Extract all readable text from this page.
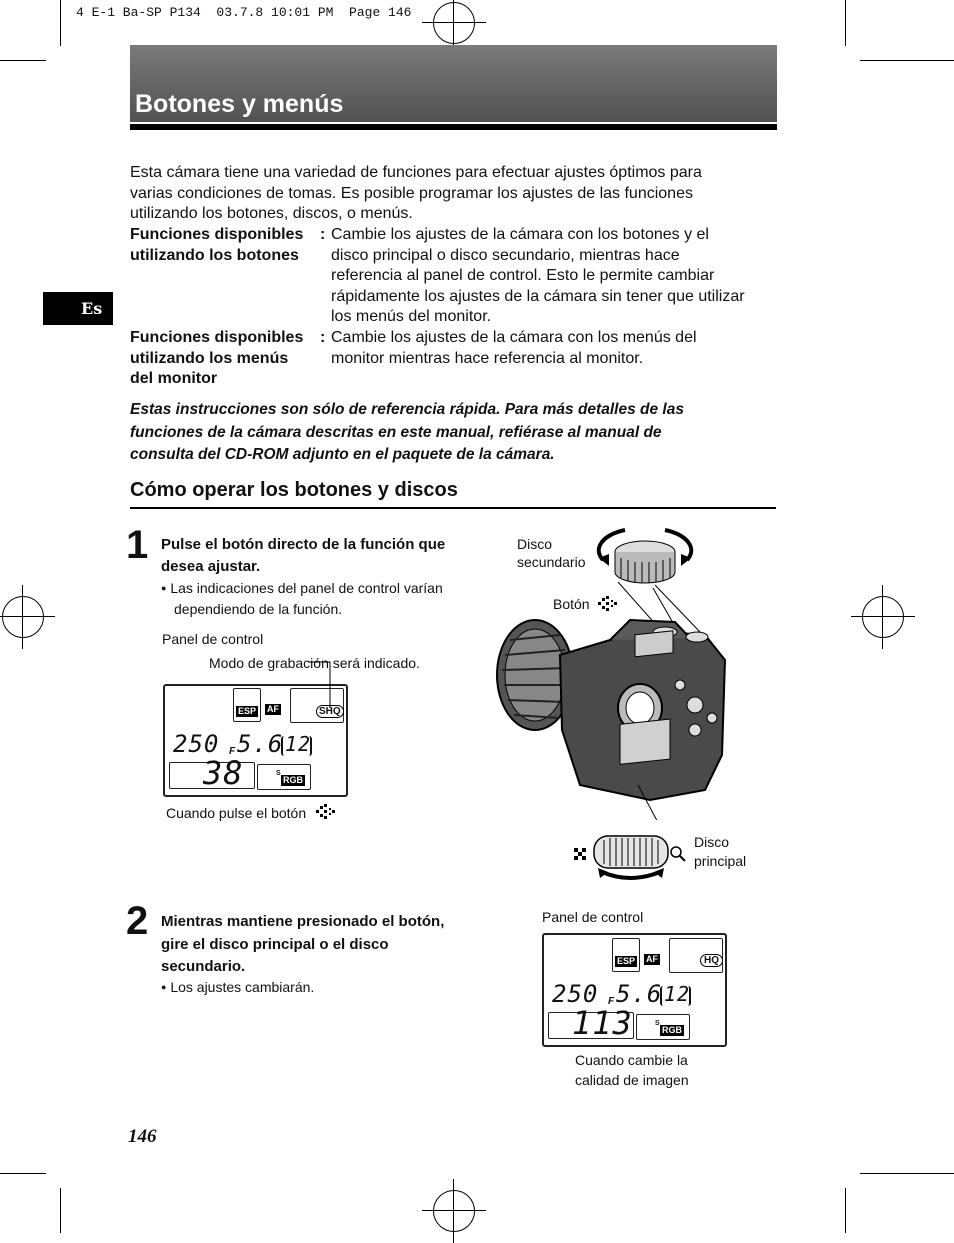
4 E-1 Ba-SP P134  03.7.8 10:01 PM  Page 146
Botones y menús
Es
Esta cámara tiene una variedad de funciones para efectuar ajustes óptimos para
varias condiciones de tomas. Es posible programar los ajustes de las funciones
utilizando los botones, discos, o menús.
Funciones disponibles
utilizando los botones
: Cambie los ajustes de la cámara con los botones y el
disco principal o disco secundario, mientras hace
referencia al panel de control. Esto le permite cambiar
rápidamente los ajustes de la cámara sin tener que utilizar
los menús del monitor.
Funciones disponibles
utilizando los menús
del monitor
: Cambie los ajustes de la cámara con los menús del
monitor mientras hace referencia al monitor.
Estas instrucciones son sólo de referencia rápida. Para más detalles de las
funciones de la cámara descritas en este manual, refiérase al manual de
consulta del CD-ROM adjunto en el paquete de la cámara.
Cómo operar los botones y discos
1 Pulse el botón directo de la función que
desea ajustar.
● Las indicaciones del panel de control varían
dependiendo de la función.
Panel de control
Modo de grabación será indicado.
ESP AF	SHQ
250 F 5.6 12
38	S
RGB
Cuando pulse el botón
Disco
secundario
Botón
Disco
principal
2 Mientras mantiene presionado el botón,
gire el disco principal o el disco
secundario.
● Los ajustes cambiarán.
Panel de control
ESP AF	HQ
250 F 5.6 12
113	S
RGB
Cuando cambie la
calidad de imagen
146
